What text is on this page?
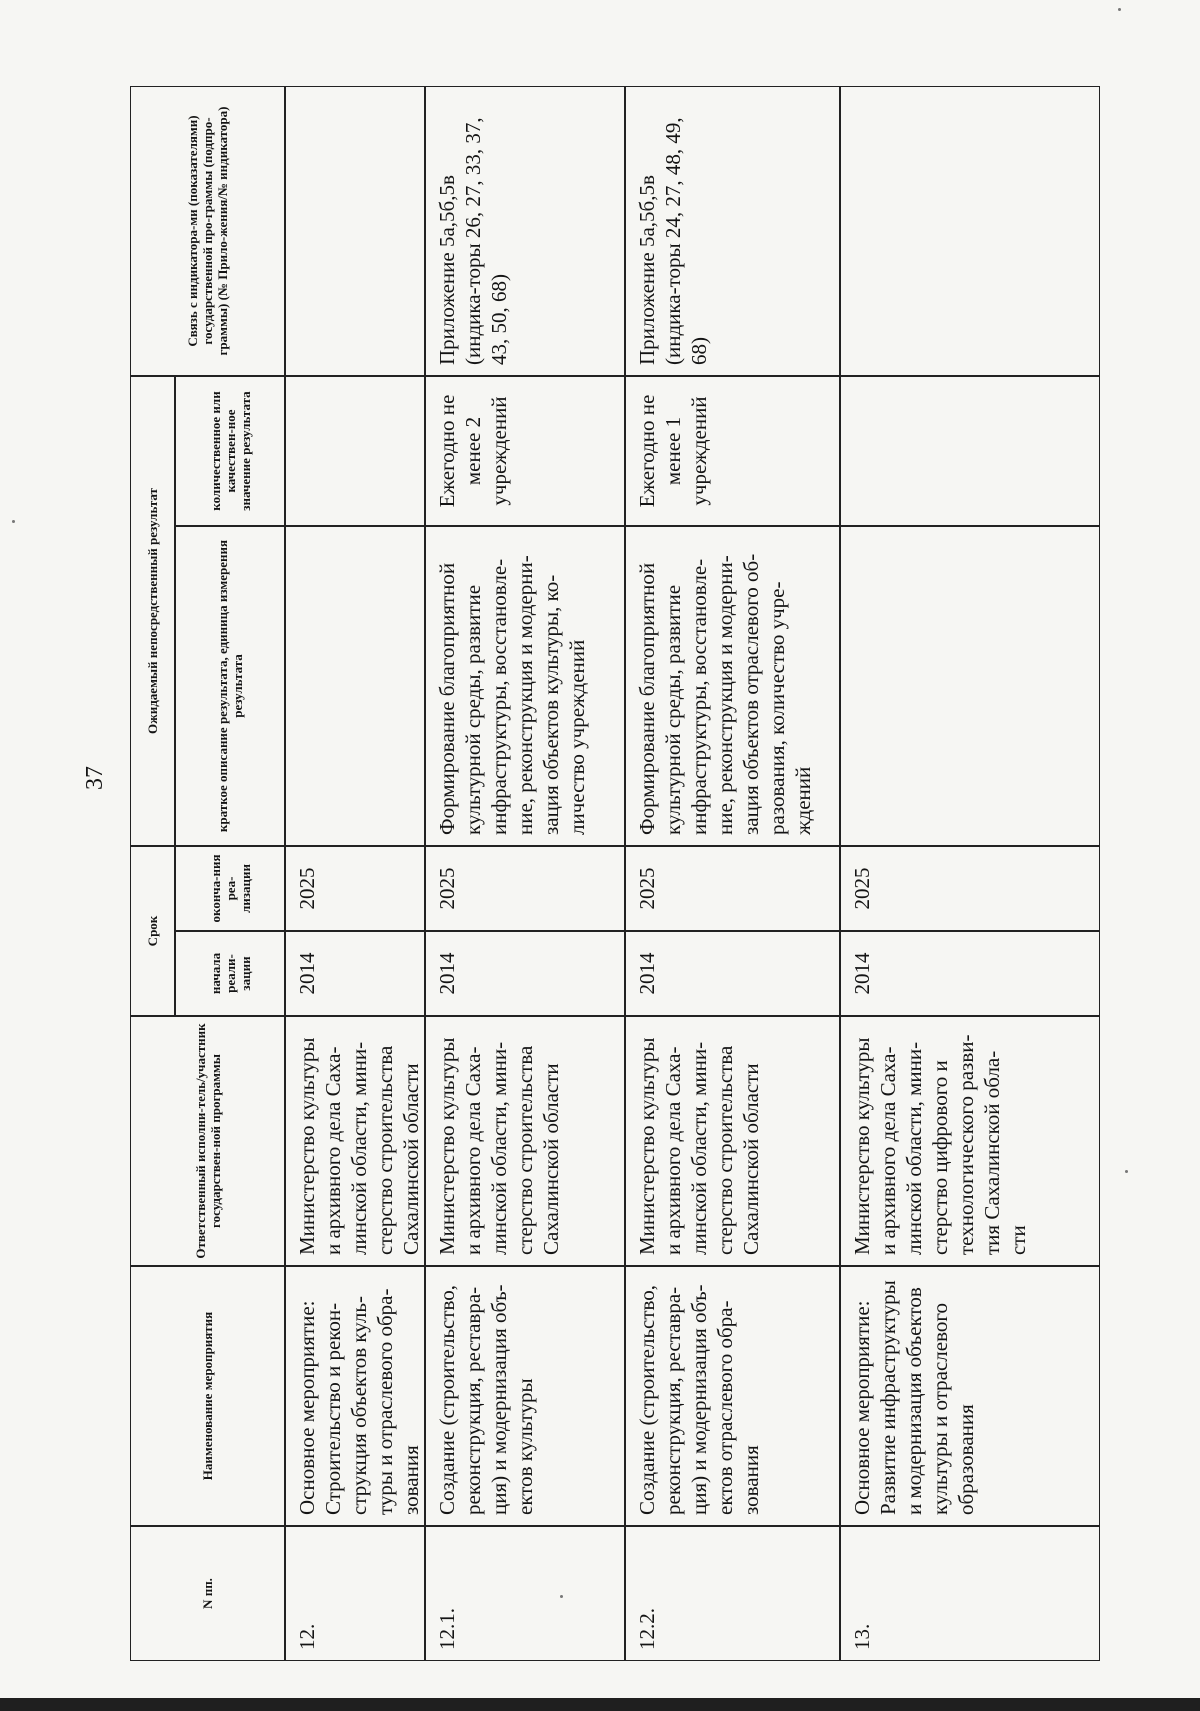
37
N пп.
Наименование мероприятия
Ответственный исполни-тель/участник государствен-ной программы
Срок
начала реали-зации
оконча-ния реа-лизации
Ожидаемый непосредственный результат	краткое описание результата, единица измерения результата
количественное или качествен-ное значение результата
Связь с индикатора-ми (показателями) государственной про-граммы (подпро-граммы) (№ Прило-жения/№ индикатора)
12.
Основное мероприятие: Строительство и рекон-струкция объектов куль-туры и отраслевого обра-зования
Министерство культуры и архивного дела Саха-линской области, мини-стерство строительства Сахалинской области
2014
2025
12.1.
Создание (строительство, реконструкция, реставра-ция) и модернизация объ-ектов культуры
Министерство культуры и архивного дела Саха-линской области, мини-стерство строительства Сахалинской области
2014
2025
Формирование благоприятной культурной среды, развитие инфраструктуры, восстановле-ние, реконструкция и модерни-зация объектов культуры, ко-личество учреждений
Ежегодно не менее 2 учреждений
Приложение 5а,5б,5в (индика-торы 26, 27, 33, 37, 43, 50, 68)
12.2.
Создание (строительство, реконструкция, реставра-ция) и модернизация объ-ектов отраслевого обра-зования
Министерство культуры и архивного дела Саха-линской области, мини-стерство строительства Сахалинской области
2014
2025
Формирование благоприятной культурной среды, развитие инфраструктуры, восстановле-ние, реконструкция и модерни-зация объектов отраслевого об-разования, количество учре-ждений
Ежегодно не менее 1 учреждений
Приложение 5а,5б,5в (индика-торы 24, 27, 48, 49, 68)
13.
Основное мероприятие: Развитие инфраструктуры и модернизация объектов культуры и отраслевого образования
Министерство культуры и архивного дела Саха-линской области, мини-стерство цифрового и технологического разви-тия Сахалинской обла-сти
2014
2025
